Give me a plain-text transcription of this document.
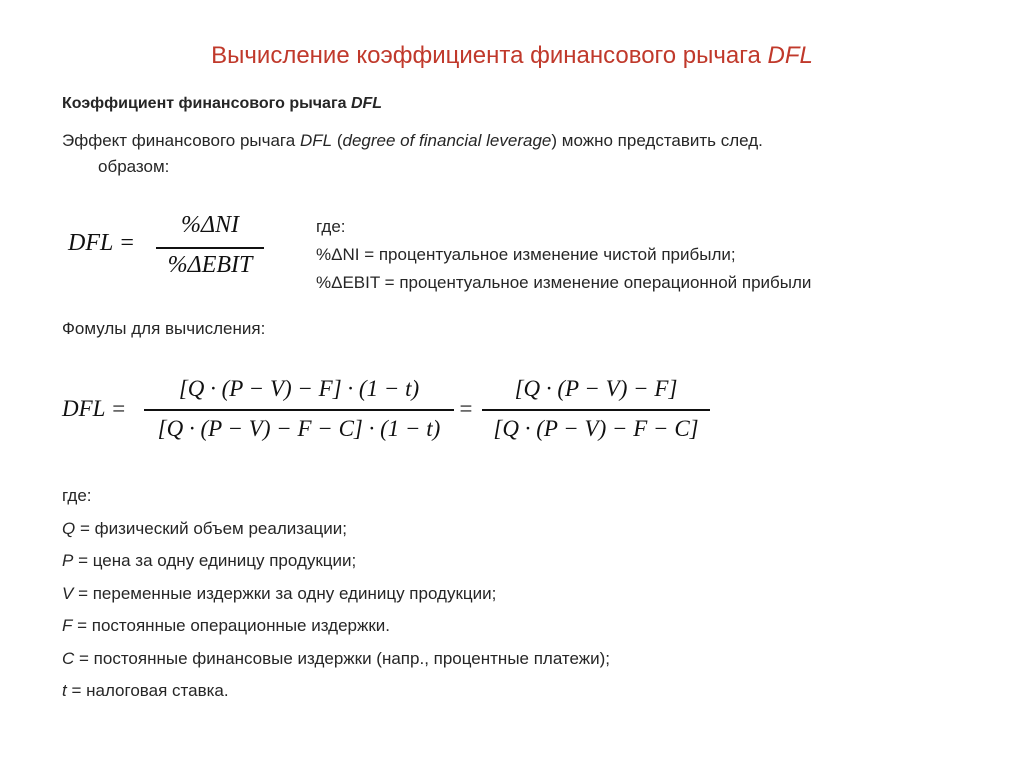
Вычисление коэффициента финансового рычага DFL
Коэффициент финансового рычага DFL
Эффект финансового рычага DFL (degree of financial leverage) можно представить след.
образом:
DFL =
%ΔNI
%ΔEBIT
где:
%ΔNI = процентуальное изменение чистой прибыли;
%ΔEBIT = процентуальное изменение операционной прибыли
Фомулы для вычисления:
DFL =
[Q · (P − V) − F] · (1 − t)
[Q · (P − V) − F − C] · (1 − t)
=
[Q · (P − V) − F]
[Q · (P − V) − F − C]
где:
Q = физический объем реализации;
P = цена за одну единицу продукции;
V = переменные издержки за одну единицу продукции;
F = постоянные операционные издержки.
C = постоянные финансовые издержки (напр., процентные платежи);
t = налоговая ставка.
